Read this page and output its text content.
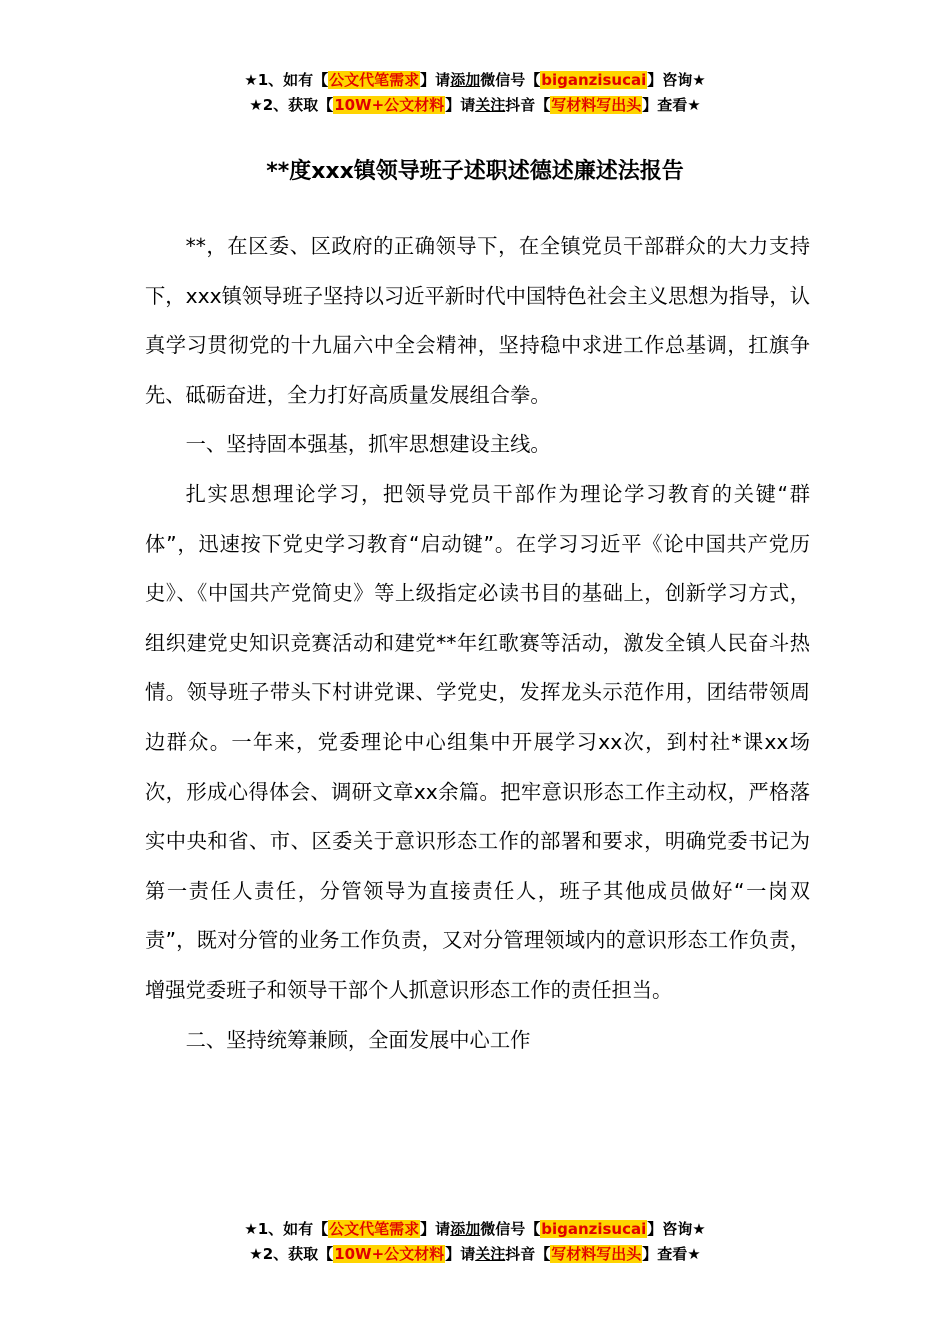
★1、如有【公文代笔需求】请添加微信号【biganzisucai】咨询★
★2、获取【10W+公文材料】请关注抖音【写材料写出头】查看★
**度xxx镇领导班子述职述德述廉述法报告

**，在区委、区政府的正确领导下，在全镇党员干部群众的大力支持下，xxx镇领导班子坚持以习近平新时代中国特色社会主义思想为指导，认真学习贯彻党的十九届六中全会精神，坚持稳中求进工作总基调，扛旗争先、砥砺奋进，全力打好高质量发展组合拳。

一、坚持固本强基，抓牢思想建设主线。

扎实思想理论学习，把领导党员干部作为理论学习教育的关键“群体”，迅速按下党史学习教育“启动键”。在学习习近平《论中国共产党历史》、《中国共产党简史》等上级指定必读书目的基础上，创新学习方式，组织建党史知识竞赛活动和建党**年红歌赛等活动，激发全镇人民奋斗热情。领导班子带头下村讲党课、学党史，发挥龙头示范作用，团结带领周边群众。一年来，党委理论中心组集中开展学习xx次，到村社*课xx场次，形成心得体会、调研文章xx余篇。把牢意识形态工作主动权，严格落实中央和省、市、区委关于意识形态工作的部署和要求，明确党委书记为第一责任人责任，分管领导为直接责任人，班子其他成员做好“一岗双责”，既对分管的业务工作负责，又对分管理领域内的意识形态工作负责，增强党委班子和领导干部个人抓意识形态工作的责任担当。

二、坚持统筹兼顾，全面发展中心工作

★1、如有【公文代笔需求】请添加微信号【biganzisucai】咨询★
★2、获取【10W+公文材料】请关注抖音【写材料写出头】查看★
